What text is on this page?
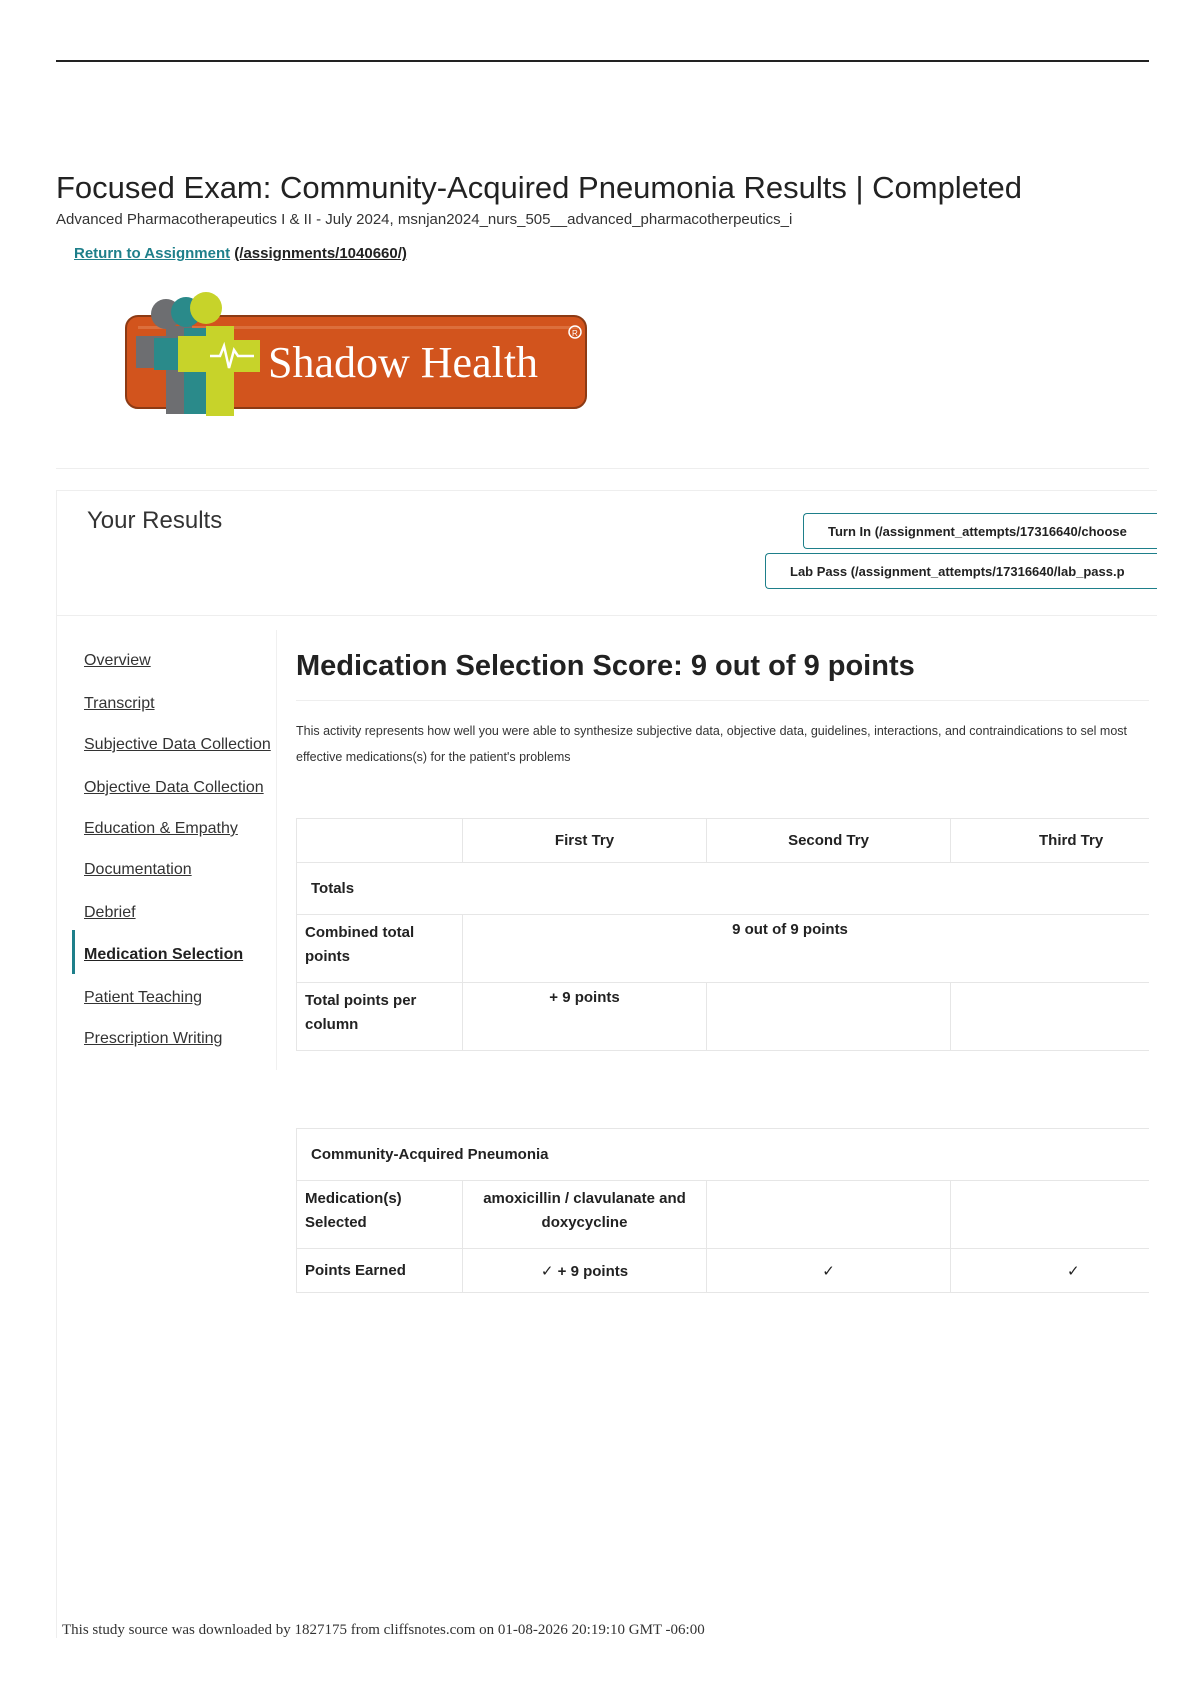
Focused Exam: Community-Acquired Pneumonia Results | Completed
Advanced Pharmacotherapeutics I & II - July 2024, msnjan2024_nurs_505__advanced_pharmacotherpeutics_i
Return to Assignment (/assignments/1040660/)
Shadow Health
R
Your Results	Turn In (/assignment_attempts/17316640/choose
Lab Pass (/assignment_attempts/17316640/lab_pass.p
Overview
Transcript
Subjective Data Collection
Objective Data Collection
Education & Empathy
Documentation
Debrief
Medication Selection
Patient Teaching
Prescription Writing
Medication Selection Score: 9 out of 9 points
This activity represents how well you were able to synthesize subjective data, objective data, guidelines, interactions, and contraindications to sel most effective medications(s) for the patient's problems
	First Try	Second Try	Third Try
Totals			
Combined total points	9 out of 9 points		
Total points per column	+ 9 points		
Community-Acquired Pneumonia			
Medication(s) Selected	amoxicillin / clavulanate and doxycycline		
Points Earned	✓ + 9 points	✓	✓
This study source was downloaded by 1827175 from cliffsnotes.com on 01-08-2026 20:19:10 GMT -06:00
